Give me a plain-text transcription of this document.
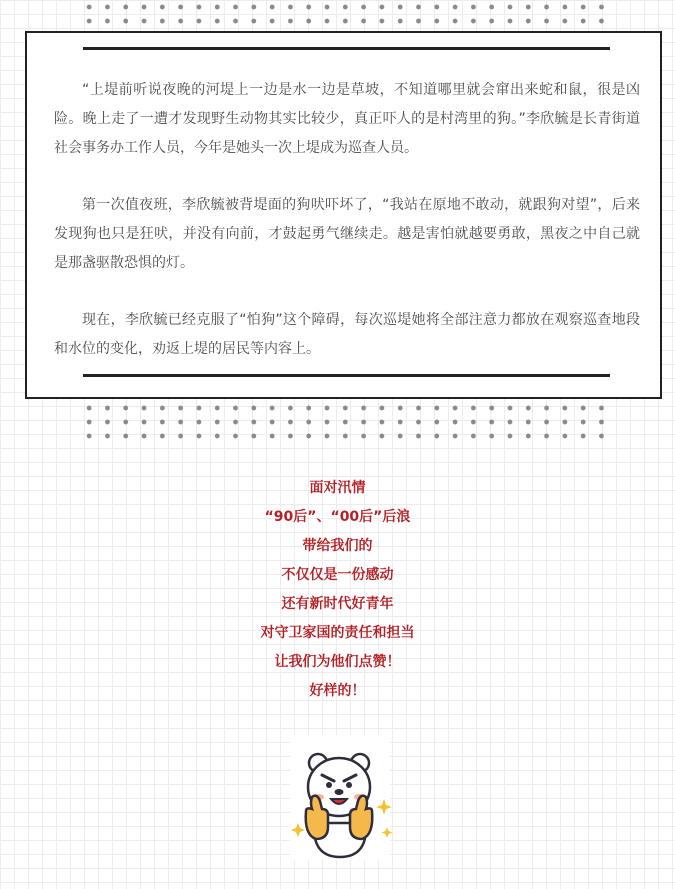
“上堤前听说夜晚的河堤上一边是水一边是草坡，不知道哪里就会窜出来蛇和鼠，很是凶险。晚上走了一遭才发现野生动物其实比较少，真正吓人的是村湾里的狗。”李欣毓是长青街道社会事务办工作人员，今年是她头一次上堤成为巡查人员。

第一次值夜班，李欣毓被背堤面的狗吠吓坏了，“我站在原地不敢动，就跟狗对望”，后来发现狗也只是狂吠，并没有向前，才鼓起勇气继续走。越是害怕就越要勇敢，黑夜之中自己就是那盏驱散恐惧的灯。

现在，李欣毓已经克服了“怕狗”这个障碍，每次巡堤她将全部注意力都放在观察巡查地段和水位的变化，劝返上堤的居民等内容上。

面对汛情
“90后”、“00后”后浪
带给我们的
不仅仅是一份感动
还有新时代好青年
对守卫家国的责任和担当
让我们为他们点赞！
好样的！
